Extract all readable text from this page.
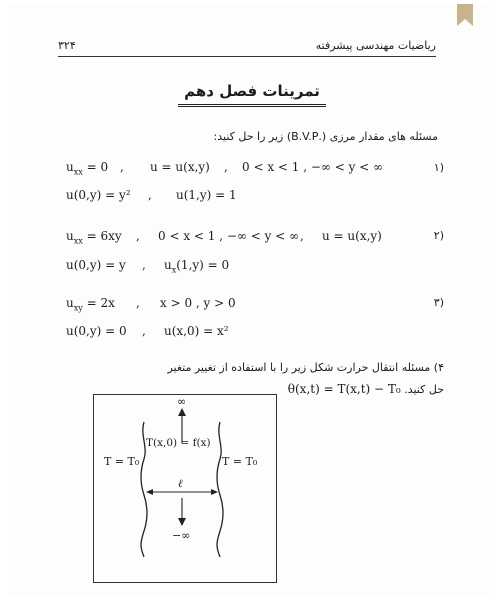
ریاضیات مهندسی پیشرفته
۳۲۴
تمرینات فصل دهم
مسئله های مقدار مرزی (.B.V.P) زیر را حل کنید:
۱)
$u_{xx} = 0$	u = u(x,y)	0 < x < 1 , −∞ < y < ∞
,	,
u(0,y) = y² , u(1,y) = 1
۲)
$u_{xx} = 6xy$ , 0 < x < 1 , −∞ < y < ∞ , u = u(x,y)
u(0,y) = y , $u_x(1,y) = 0$
۳)
$u_{xy} = 2x$ , x > 0 , y > 0
u(0,y) = 0 , u(x,0) = x²
۴) مسئله انتقال حرارت شکل زیر را با استفاده از تغییر متغیر
حل کنید. θ(x,t) = T(x,t) − T₀
∞
−∞
T = T₀	T = T₀
T(x,0) = f(x)
ℓ
